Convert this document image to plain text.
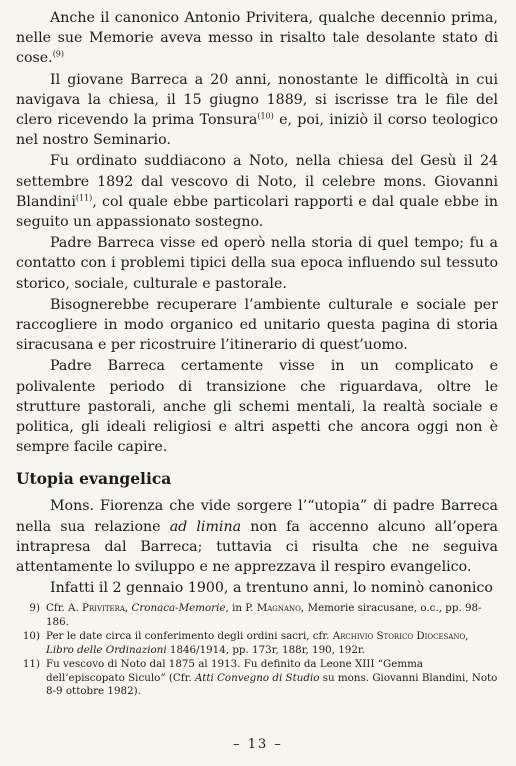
Anche il canonico Antonio Privitera, qualche decennio prima, nelle sue Memorie aveva messo in risalto tale desolante stato di cose.$^{(9)}$

Il giovane Barreca a 20 anni, nonostante le difficoltà in cui navigava la chiesa, il 15 giugno 1889, si iscrisse tra le file del clero ricevendo la prima Tonsura$^{(10)}$ e, poi, iniziò il corso teologico nel nostro Seminario.

Fu ordinato suddiacono a Noto, nella chiesa del Gesù il 24 settembre 1892 dal vescovo di Noto, il celebre mons. Giovanni Blandini$^{(11)}$, col quale ebbe particolari rapporti e dal quale ebbe in seguito un appassionato sostegno.

Padre Barreca visse ed operò nella storia di quel tempo; fu a contatto con i problemi tipici della sua epoca influendo sul tessuto storico, sociale, culturale e pastorale.

Bisognerebbe recuperare l’ambiente culturale e sociale per raccogliere in modo organico ed unitario questa pagina di storia siracusana e per ricostruire l’itinerario di quest’uomo.

Padre Barreca certamente visse in un complicato e polivalente periodo di transizione che riguardava, oltre le strutture pastorali, anche gli schemi mentali, la realtà sociale e politica, gli ideali religiosi e altri aspetti che ancora oggi non è sempre facile capire.

Utopia evangelica

Mons. Fiorenza che vide sorgere l’“utopia” di padre Barreca nella sua relazione ad limina non fa accenno alcuno all’opera intrapresa dal Barreca; tuttavia ci risulta che ne seguiva attentamente lo sviluppo e ne apprezzava il respiro evangelico.

Infatti il 2 gennaio 1900, a trentuno anni, lo nominò canonico

9) Cfr. A. Privitera, Cronaca-Memorie, in P. Magnano, Memorie siracusane, o.c., pp. 98-186.
10) Per le date circa il conferimento degli ordini sacri, cfr. Archivio Storico Diocesano, Libro delle Ordinazioni 1846/1914, pp. 173r, 188r, 190, 192r.
11) Fu vescovo di Noto dal 1875 al 1913. Fu definito da Leone XIII “Gemma dell’episcopato Siculo” (Cfr. Atti Convegno di Studio su mons. Giovanni Blandini, Noto 8-9 ottobre 1982).
– 13 –
